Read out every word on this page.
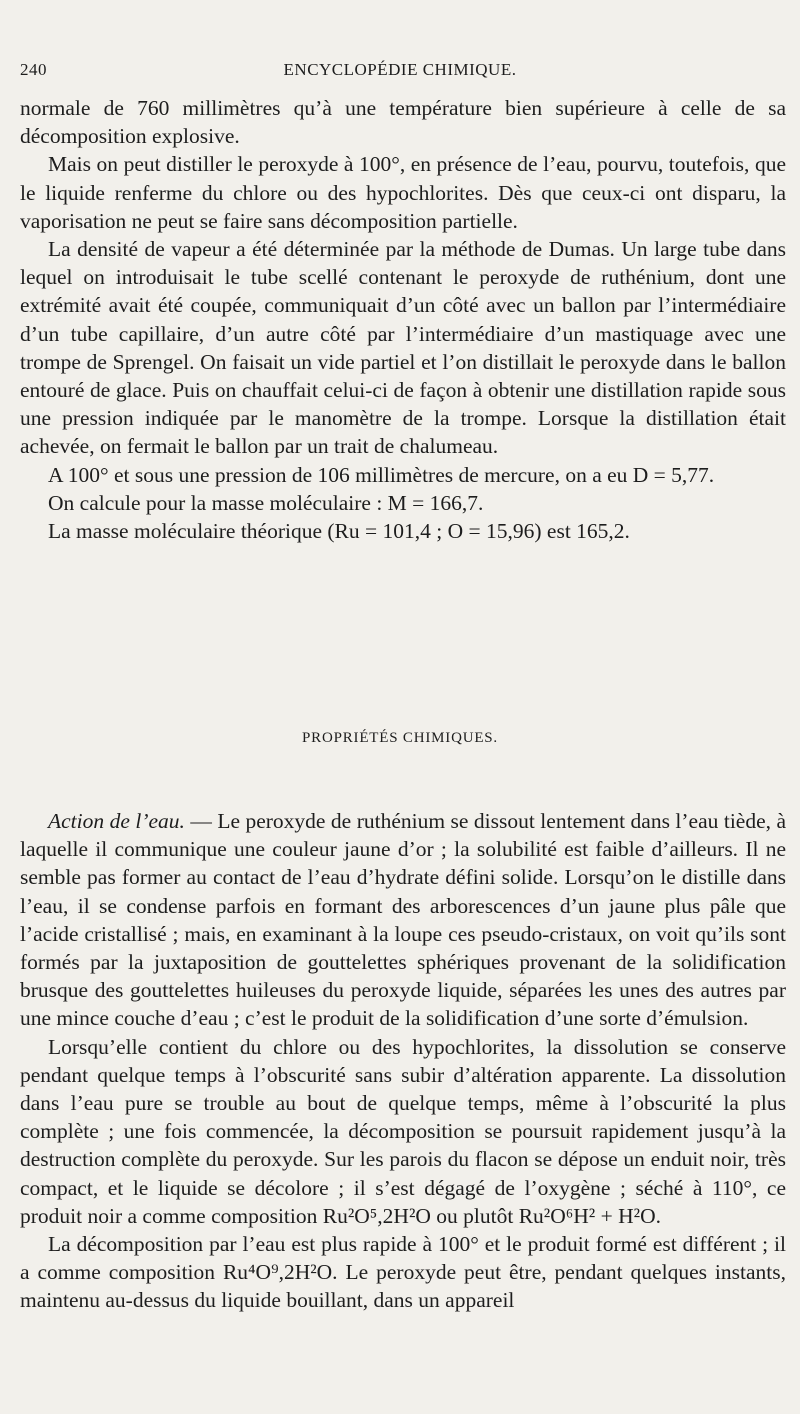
240	ENCYCLOPÉDIE CHIMIQUE.

normale de 760 millimètres qu’à une température bien supérieure à celle de sa décomposition explosive.

Mais on peut distiller le peroxyde à 100°, en présence de l’eau, pourvu, toutefois, que le liquide renferme du chlore ou des hypochlorites. Dès que ceux-ci ont disparu, la vaporisation ne peut se faire sans décomposition partielle.

La densité de vapeur a été déterminée par la méthode de Dumas. Un large tube dans lequel on introduisait le tube scellé contenant le peroxyde de ruthénium, dont une extrémité avait été coupée, communiquait d’un côté avec un ballon par l’intermédiaire d’un tube capillaire, d’un autre côté par l’intermédiaire d’un mastiquage avec une trompe de Sprengel. On faisait un vide partiel et l’on distillait le peroxyde dans le ballon entouré de glace. Puis on chauffait celui-ci de façon à obtenir une distillation rapide sous une pression indiquée par le manomètre de la trompe. Lorsque la distillation était achevée, on fermait le ballon par un trait de chalumeau.

A 100° et sous une pression de 106 millimètres de mercure, on a eu D = 5,77.

On calcule pour la masse moléculaire : M = 166,7.

La masse moléculaire théorique (Ru = 101,4 ; O = 15,96) est 165,2.

PROPRIÉTÉS CHIMIQUES.

Action de l’eau. — Le peroxyde de ruthénium se dissout lentement dans l’eau tiède, à laquelle il communique une couleur jaune d’or ; la solubilité est faible d’ailleurs. Il ne semble pas former au contact de l’eau d’hydrate défini solide. Lorsqu’on le distille dans l’eau, il se condense parfois en formant des arborescences d’un jaune plus pâle que l’acide cristallisé ; mais, en examinant à la loupe ces pseudo-cristaux, on voit qu’ils sont formés par la juxtaposition de gouttelettes sphériques provenant de la solidification brusque des gouttelettes huileuses du peroxyde liquide, séparées les unes des autres par une mince couche d’eau ; c’est le produit de la solidification d’une sorte d’émulsion.

Lorsqu’elle contient du chlore ou des hypochlorites, la dissolution se conserve pendant quelque temps à l’obscurité sans subir d’altération apparente. La dissolution dans l’eau pure se trouble au bout de quelque temps, même à l’obscurité la plus complète ; une fois commencée, la décomposition se poursuit rapidement jusqu’à la destruction complète du peroxyde. Sur les parois du flacon se dépose un enduit noir, très compact, et le liquide se décolore ; il s’est dégagé de l’oxygène ; séché à 110°, ce produit noir a comme composition Ru²O⁵,2H²O ou plutôt Ru²O⁶H² + H²O.

La décomposition par l’eau est plus rapide à 100° et le produit formé est différent ; il a comme composition Ru⁴O⁹,2H²O. Le peroxyde peut être, pendant quelques instants, maintenu au-dessus du liquide bouillant, dans un appareil
